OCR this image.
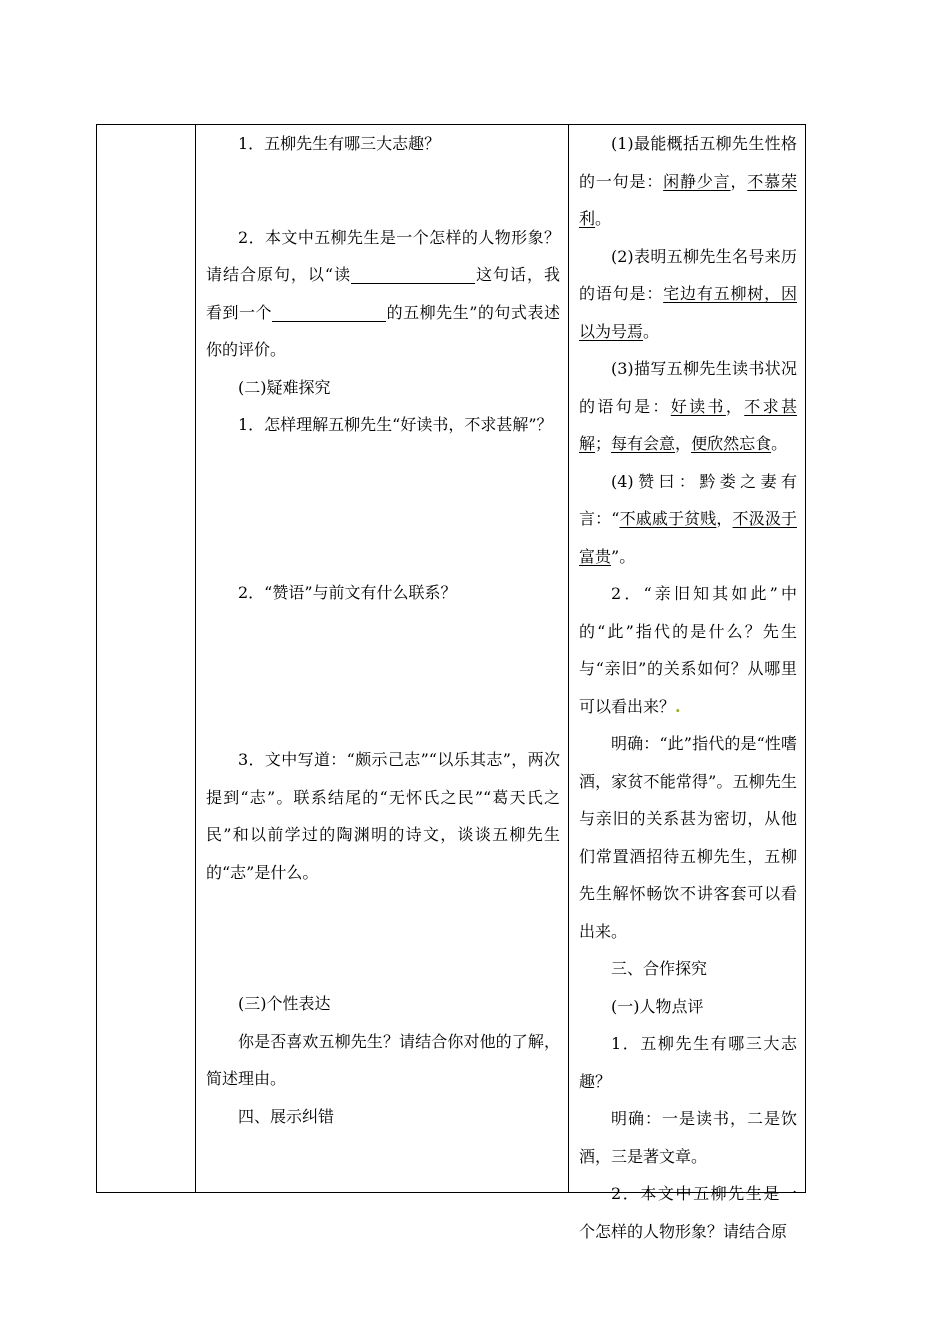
1．五柳先生有哪三大志趣？

2．本文中五柳先生是一个怎样的人物形象？请结合原句，以“读	这句话，我看到一个	的五柳先生”的句式表述你的评价。

(二)疑难探究

1．怎样理解五柳先生“好读书，不求甚解”？

2．“赞语”与前文有什么联系？

3．文中写道：“颇示己志”“以乐其志”，两次提到“志”。联系结尾的“无怀氏之民”“葛天氏之民”和以前学过的陶渊明的诗文，谈谈五柳先生的“志”是什么。

(三)个性表达

你是否喜欢五柳先生？请结合你对他的了解，简述理由。

四、展示纠错

(1)最能概括五柳先生性格的一句是：闲静少言，不慕荣利。

(2)表明五柳先生名号来历的语句是：宅边有五柳树，因以为号焉。

(3)描写五柳先生读书状况的语句是：好读书，不求甚解；每有会意，便欣然忘食。

(4)赞曰：黔娄之妻有言：“不戚戚于贫贱，不汲汲于富贵”。

2．“亲旧知其如此”中的“此”指代的是什么？先生与“亲旧”的关系如何？从哪里可以看出来？.

明确：“此”指代的是“性嗜酒，家贫不能常得”。五柳先生与亲旧的关系甚为密切，从他们常置酒招待五柳先生，五柳先生解怀畅饮不讲客套可以看出来。

三、合作探究

(一)人物点评

1．五柳先生有哪三大志趣？

明确：一是读书，二是饮酒，三是著文章。

2．本文中五柳先生是一个怎样的人物形象？请结合原
